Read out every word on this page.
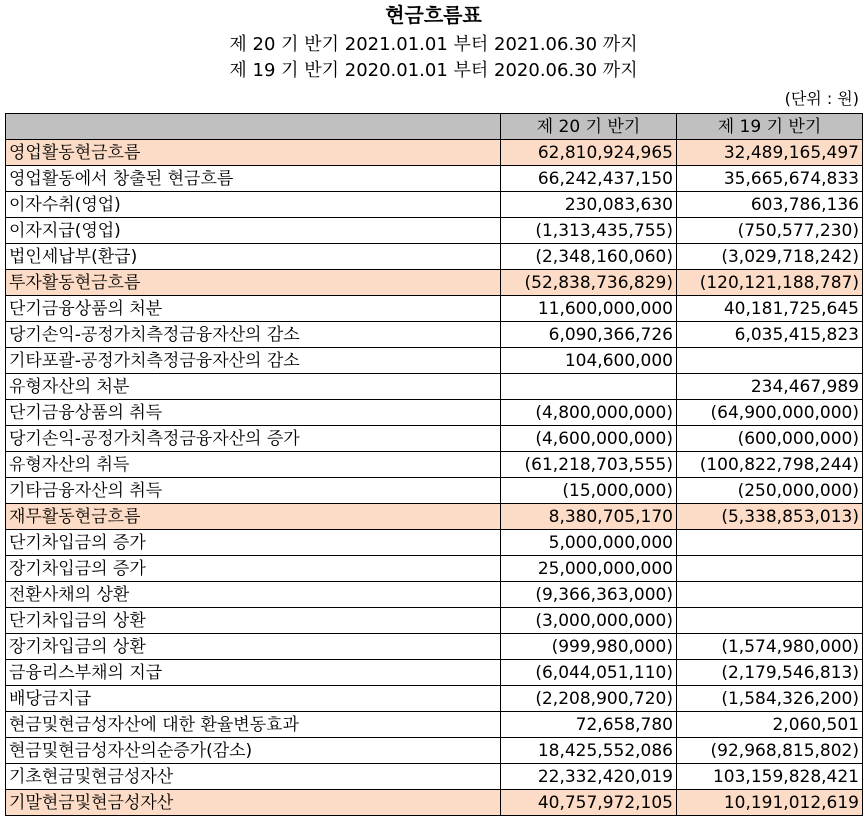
현금흐름표
제 20 기 반기 2021.01.01 부터 2021.06.30 까지
제 19 기 반기 2020.01.01 부터 2020.06.30 까지
(단위 : 원)
	제 20 기 반기	제 19 기 반기
영업활동현금흐름	62,810,924,965	32,489,165,497
영업활동에서 창출된 현금흐름	66,242,437,150	35,665,674,833
이자수취(영업)	230,083,630	603,786,136
이자지급(영업)	(1,313,435,755)	(750,577,230)
법인세납부(환급)	(2,348,160,060)	(3,029,718,242)
투자활동현금흐름	(52,838,736,829)	(120,121,188,787)
단기금융상품의 처분	11,600,000,000	40,181,725,645
당기손익-공정가치측정금융자산의 감소	6,090,366,726	6,035,415,823
기타포괄-공정가치측정금융자산의 감소	104,600,000	
유형자산의 처분		234,467,989
단기금융상품의 취득	(4,800,000,000)	(64,900,000,000)
당기손익-공정가치측정금융자산의 증가	(4,600,000,000)	(600,000,000)
유형자산의 취득	(61,218,703,555)	(100,822,798,244)
기타금융자산의 취득	(15,000,000)	(250,000,000)
재무활동현금흐름	8,380,705,170	(5,338,853,013)
단기차입금의 증가	5,000,000,000	
장기차입금의 증가	25,000,000,000	
전환사채의 상환	(9,366,363,000)	
단기차입금의 상환	(3,000,000,000)	
장기차입금의 상환	(999,980,000)	(1,574,980,000)
금융리스부채의 지급	(6,044,051,110)	(2,179,546,813)
배당금지급	(2,208,900,720)	(1,584,326,200)
현금및현금성자산에 대한 환율변동효과	72,658,780	2,060,501
현금및현금성자산의순증가(감소)	18,425,552,086	(92,968,815,802)
기초현금및현금성자산	22,332,420,019	103,159,828,421
기말현금및현금성자산	40,757,972,105	10,191,012,619
